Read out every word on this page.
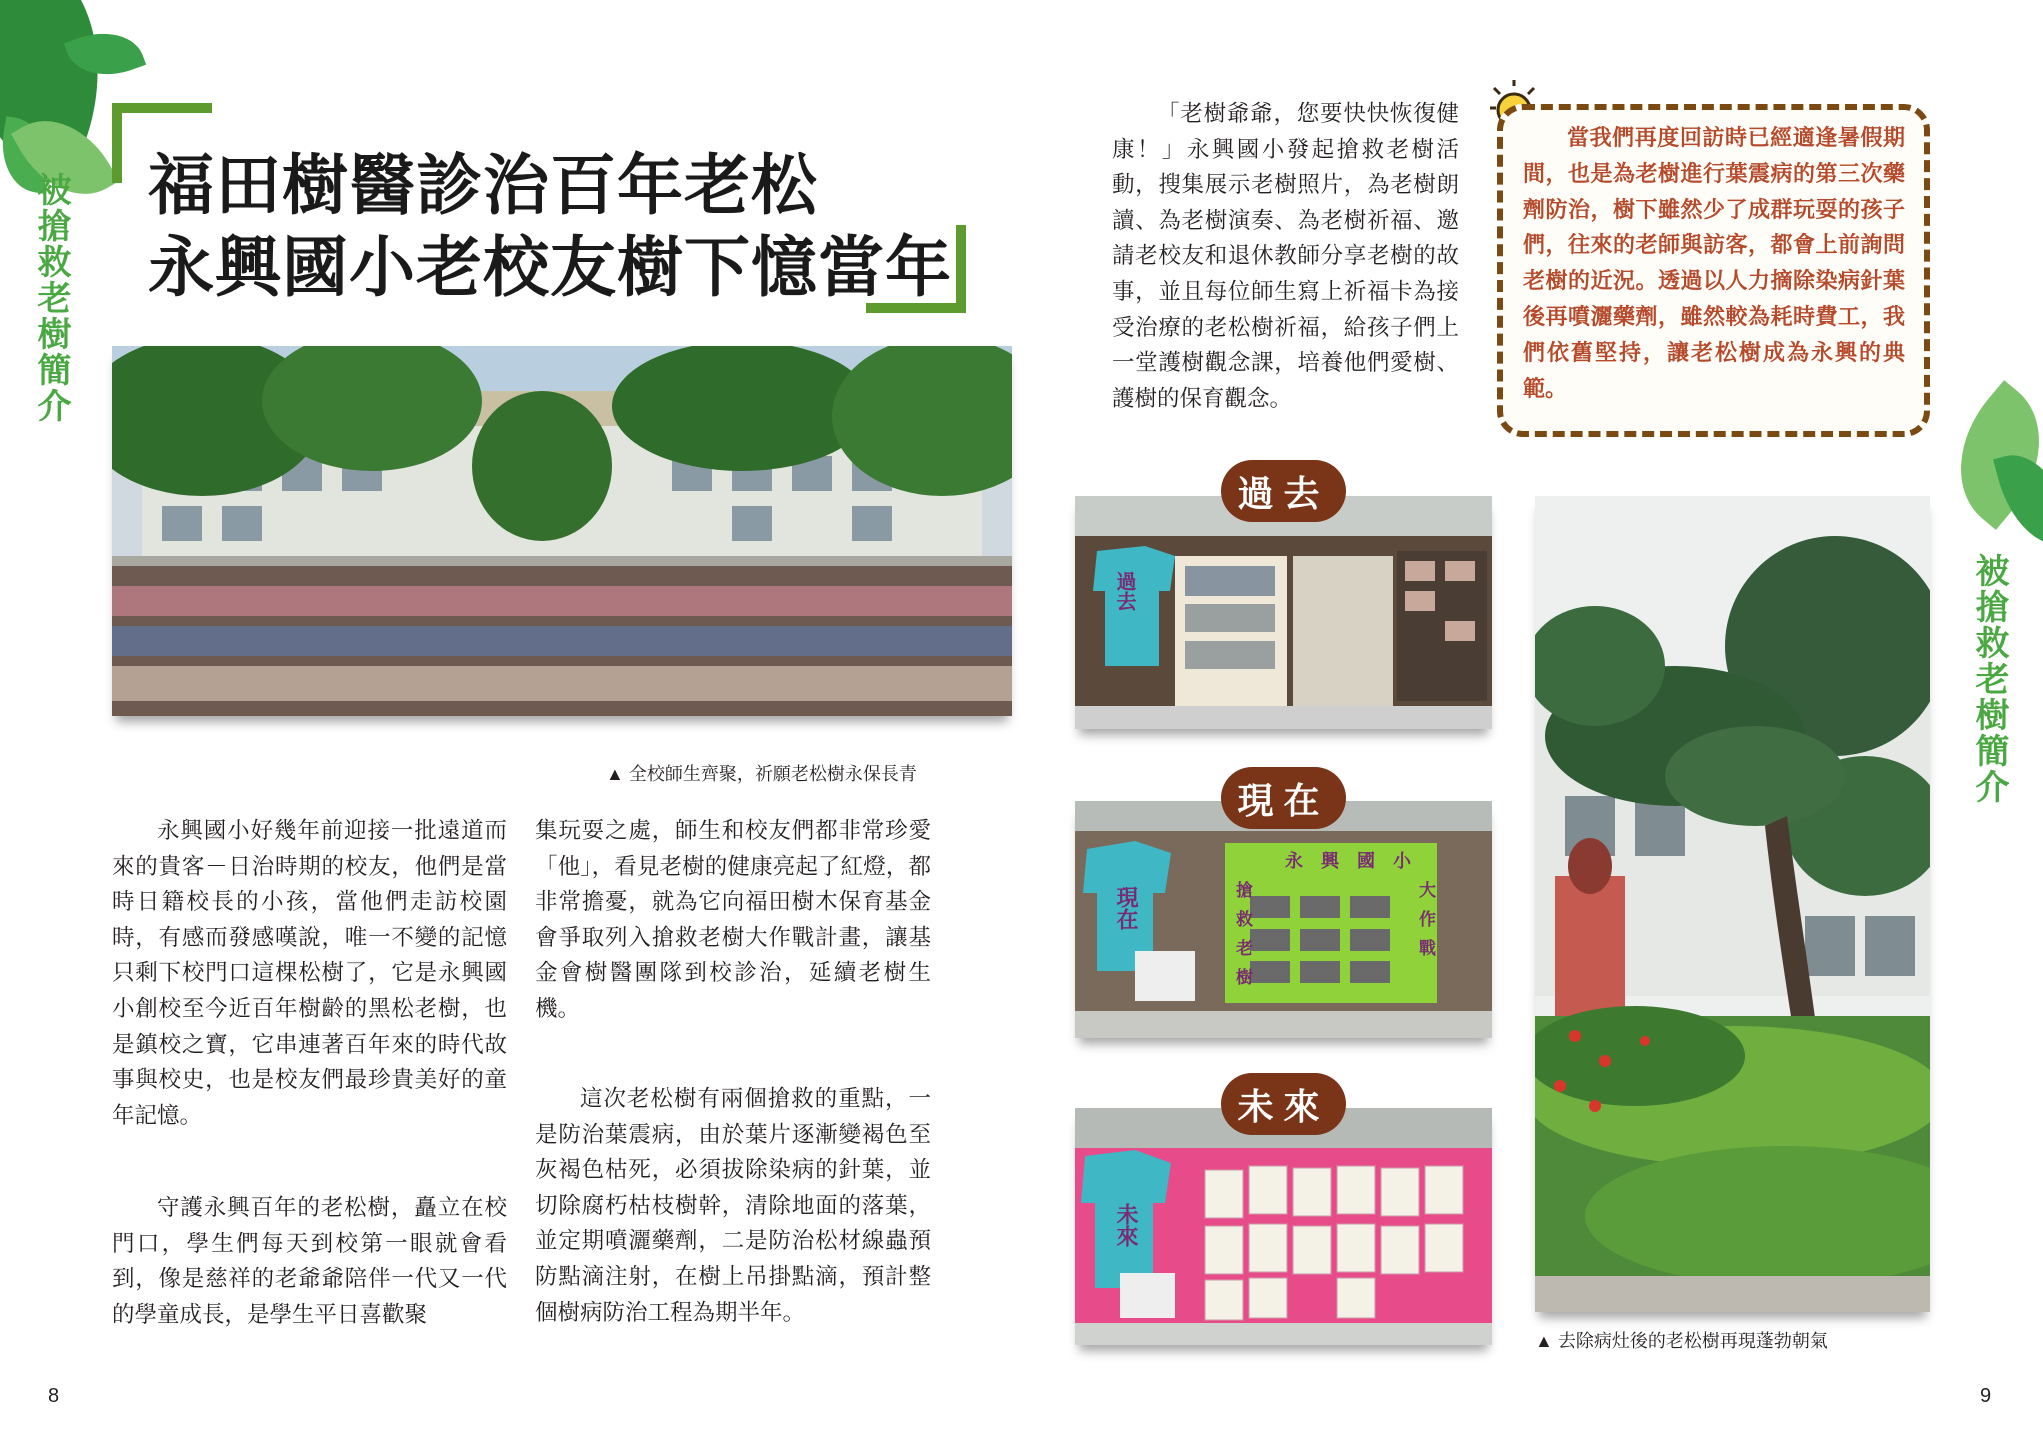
被搶救老樹簡介
被搶救老樹簡介
福田樹醫診治百年老松
永興國小老校友樹下憶當年
▲ 全校師生齊聚，祈願老松樹永保長青
「老樹爺爺，您要快快恢復健康！」永興國小發起搶救老樹活動，搜集展示老樹照片，為老樹朗讀、為老樹演奏、為老樹祈福、邀請老校友和退休教師分享老樹的故事，並且每位師生寫上祈福卡為接受治療的老松樹祈福，給孩子們上一堂護樹觀念課，培養他們愛樹、護樹的保育觀念。
當我們再度回訪時已經適逢暑假期間，也是為老樹進行葉震病的第三次藥劑防治，樹下雖然少了成群玩耍的孩子們，往來的老師與訪客，都會上前詢問老樹的近況。透過以人力摘除染病針葉後再噴灑藥劑，雖然較為耗時費工，我們依舊堅持，讓老松樹成為永興的典範。
過去
過去
現在
永興國小
搶救老樹	大作戰
現在
未來
未來
▲ 去除病灶後的老松樹再現蓬勃朝氣
永興國小好幾年前迎接一批遠道而來的貴客－日治時期的校友，他們是當時日籍校長的小孩，當他們走訪校園時，有感而發感嘆說，唯一不變的記憶只剩下校門口這棵松樹了，它是永興國小創校至今近百年樹齡的黑松老樹，也是鎮校之寶，它串連著百年來的時代故事與校史，也是校友們最珍貴美好的童年記憶。
守護永興百年的老松樹，矗立在校門口，學生們每天到校第一眼就會看到，像是慈祥的老爺爺陪伴一代又一代的學童成長，是學生平日喜歡聚
集玩耍之處，師生和校友們都非常珍愛「他」，看見老樹的健康亮起了紅燈，都非常擔憂，就為它向福田樹木保育基金會爭取列入搶救老樹大作戰計畫，讓基金會樹醫團隊到校診治，延續老樹生機。
這次老松樹有兩個搶救的重點，一是防治葉震病，由於葉片逐漸變褐色至灰褐色枯死，必須拔除染病的針葉，並切除腐朽枯枝樹幹，清除地面的落葉，並定期噴灑藥劑，二是防治松材線蟲預防點滴注射，在樹上吊掛點滴，預計整個樹病防治工程為期半年。
8	9
